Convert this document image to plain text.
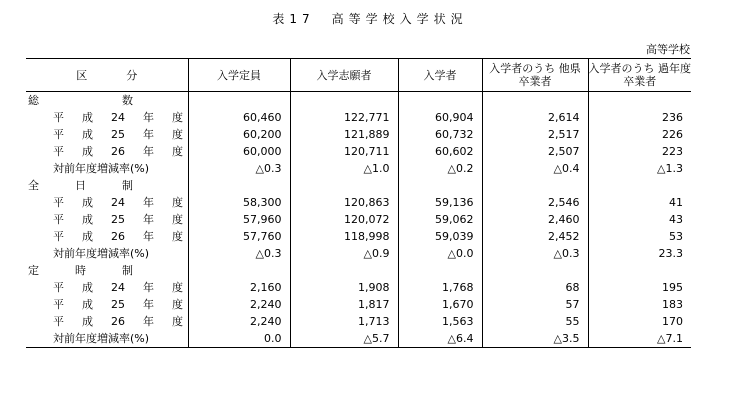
表17　高等学校入学状況
高等学校
区　分	入学定員	入学志願者	入学者	入学者のうち 他県 卒業者	入学者のうち 過年度卒業者

総 数					

平 成 24 年 度	60,460	122,771	60,904	2,614	236

平 成 25 年 度	60,200	121,889	60,732	2,517	226

平 成 26 年 度	60,000	120,711	60,602	2,507	223

対前年度増減率(%)	△0.3	△1.0	△0.2	△0.4	△1.3

全 日 制					

平 成 24 年 度	58,300	120,863	59,136	2,546	41

平 成 25 年 度	57,960	120,072	59,062	2,460	43

平 成 26 年 度	57,760	118,998	59,039	2,452	53

対前年度増減率(%)	△0.3	△0.9	△0.0	△0.3	23.3

定 時 制					

平 成 24 年 度	2,160	1,908	1,768	68	195

平 成 25 年 度	2,240	1,817	1,670	57	183

平 成 26 年 度	2,240	1,713	1,563	55	170

対前年度増減率(%)	0.0	△5.7	△6.4	△3.5	△7.1
